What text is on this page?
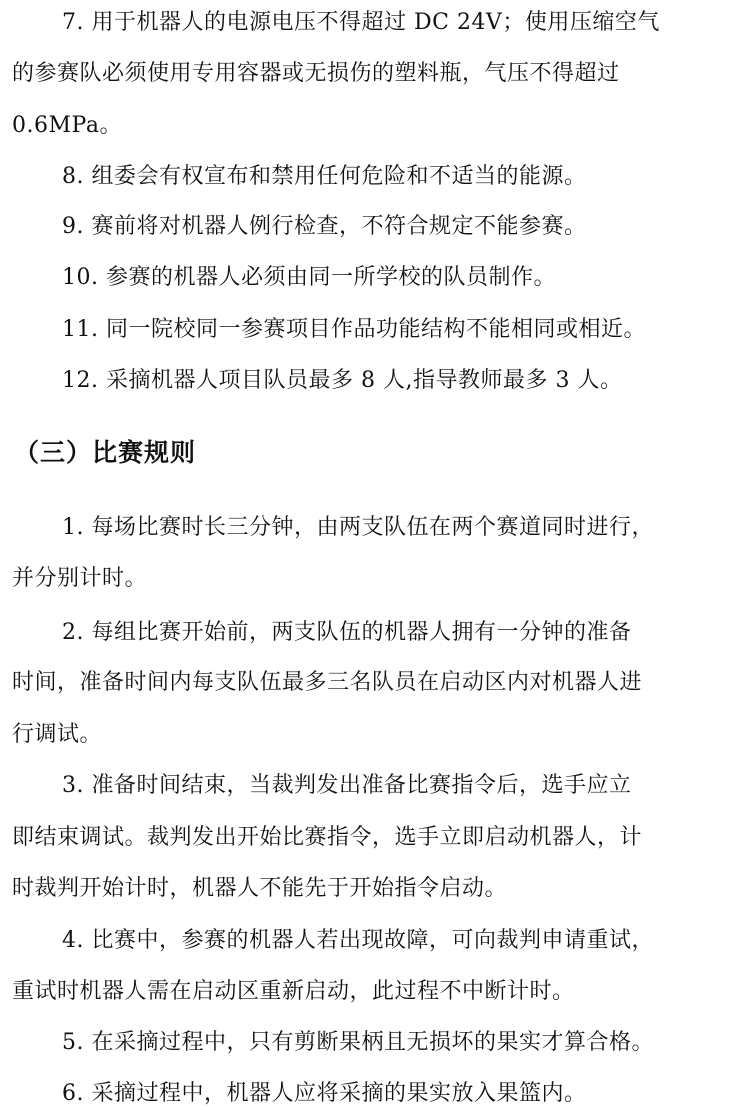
7. 用于机器人的电源电压不得超过 DC 24V；使用压缩空气

的参赛队必须使用专用容器或无损伤的塑料瓶，气压不得超过

0.6MPa。

8. 组委会有权宣布和禁用任何危险和不适当的能源。

9. 赛前将对机器人例行检查，不符合规定不能参赛。

10. 参赛的机器人必须由同一所学校的队员制作。

11. 同一院校同一参赛项目作品功能结构不能相同或相近。

12. 采摘机器人项目队员最多 8 人,指导教师最多 3 人。

（三）比赛规则

1. 每场比赛时长三分钟，由两支队伍在两个赛道同时进行，

并分别计时。

2. 每组比赛开始前，两支队伍的机器人拥有一分钟的准备

时间，准备时间内每支队伍最多三名队员在启动区内对机器人进

行调试。

3. 准备时间结束，当裁判发出准备比赛指令后，选手应立

即结束调试。裁判发出开始比赛指令，选手立即启动机器人，计

时裁判开始计时，机器人不能先于开始指令启动。

4. 比赛中，参赛的机器人若出现故障，可向裁判申请重试，

重试时机器人需在启动区重新启动，此过程不中断计时。

5. 在采摘过程中，只有剪断果柄且无损坏的果实才算合格。

6. 采摘过程中，机器人应将采摘的果实放入果篮内。
